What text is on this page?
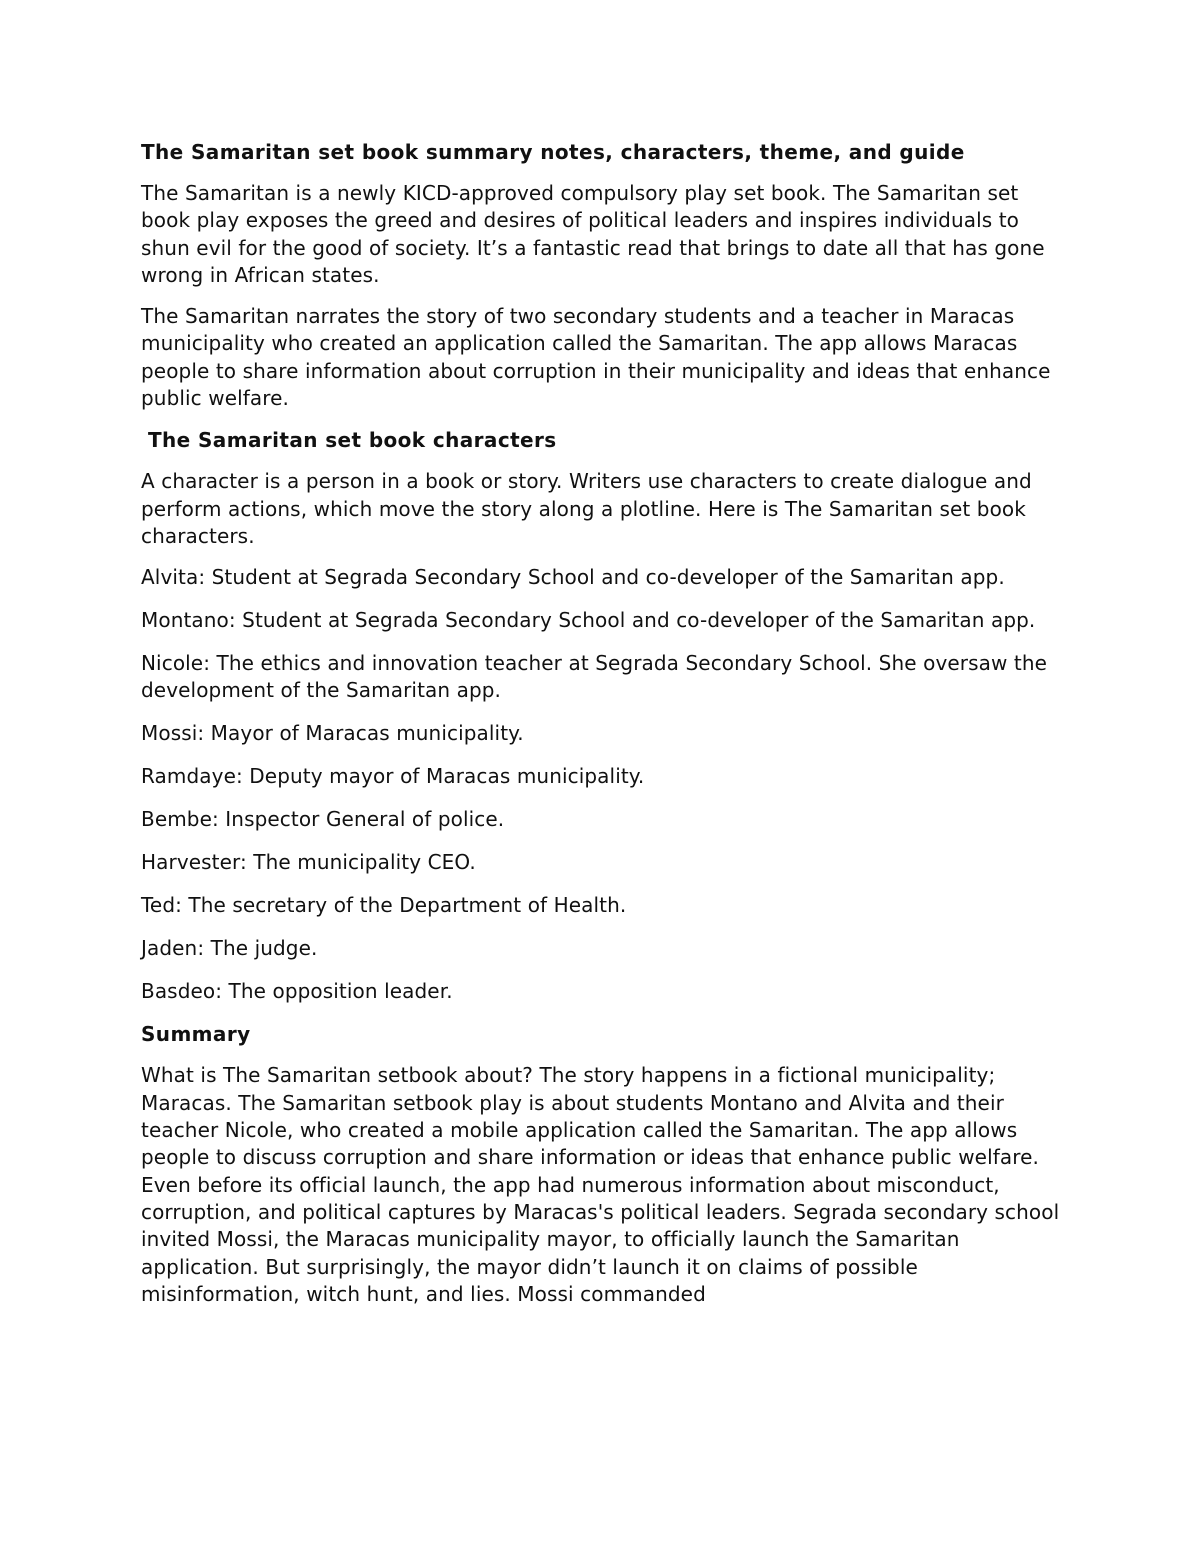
The Samaritan set book summary notes, characters, theme, and guide

The Samaritan is a newly KICD-approved compulsory play set book. The Samaritan set book play exposes the greed and desires of political leaders and inspires individuals to shun evil for the good of society. It’s a fantastic read that brings to date all that has gone wrong in African states.

The Samaritan narrates the story of two secondary students and a teacher in Maracas municipality who created an application called the Samaritan. The app allows Maracas people to share information about corruption in their municipality and ideas that enhance public welfare.

The Samaritan set book characters

A character is a person in a book or story. Writers use characters to create dialogue and perform actions, which move the story along a plotline. Here is The Samaritan set book characters.

Alvita: Student at Segrada Secondary School and co-developer of the Samaritan app.
Montano: Student at Segrada Secondary School and co-developer of the Samaritan app.
Nicole: The ethics and innovation teacher at Segrada Secondary School. She oversaw the development of the Samaritan app.
Mossi: Mayor of Maracas municipality.
Ramdaye: Deputy mayor of Maracas municipality.
Bembe: Inspector General of police.
Harvester: The municipality CEO.
Ted: The secretary of the Department of Health.
Jaden: The judge.
Basdeo: The opposition leader.
Summary

What is The Samaritan setbook about? The story happens in a fictional municipality; Maracas. The Samaritan setbook play is about students Montano and Alvita and their teacher Nicole, who created a mobile application called the Samaritan. The app allows people to discuss corruption and share information or ideas that enhance public welfare. Even before its official launch, the app had numerous information about misconduct, corruption, and political captures by Maracas's political leaders. Segrada secondary school invited Mossi, the Maracas municipality mayor, to officially launch the Samaritan application. But surprisingly, the mayor didn’t launch it on claims of possible misinformation, witch hunt, and lies. Mossi commanded
